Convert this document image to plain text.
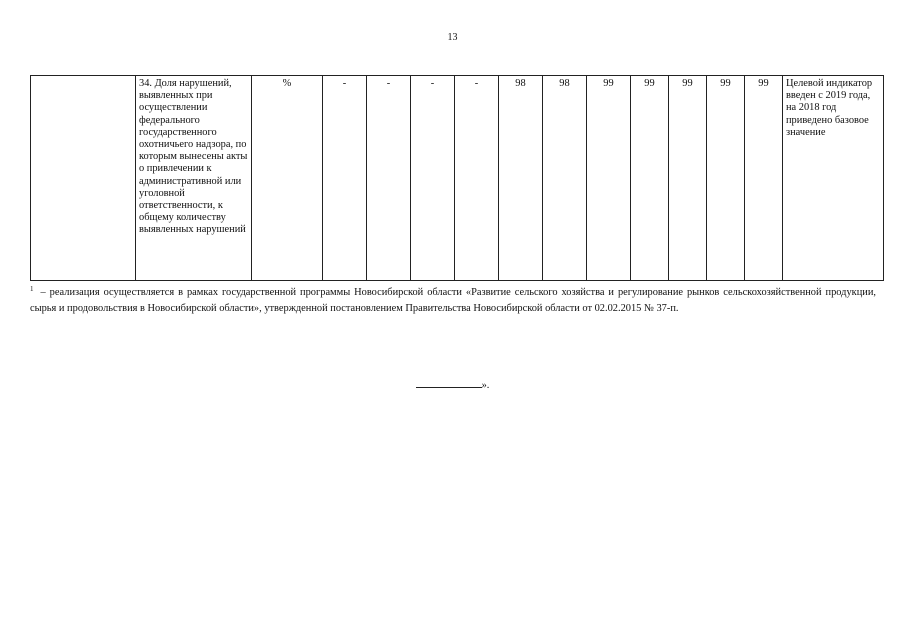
13
	34. Доля нарушений, выявленных при осуществлении федерального государственного охотничьего надзора, по которым вынесены акты о привлечении к административной или уголовной ответственности, к общему количеству выявленных нарушений	%	-	-	-	-	98	98	99	99	99	99	99	Целевой индикатор введен с 2019 года, на 2018 год приведено базовое значение
$^1$ – реализация осуществляется в рамках государственной программы Новосибирской области «Развитие сельского хозяйства и регулирование рынков сельскохозяйственной продукции, сырья и продовольствия в Новосибирской области», утвержденной постановлением Правительства Новосибирской области от 02.02.2015 № 37-п.
».
